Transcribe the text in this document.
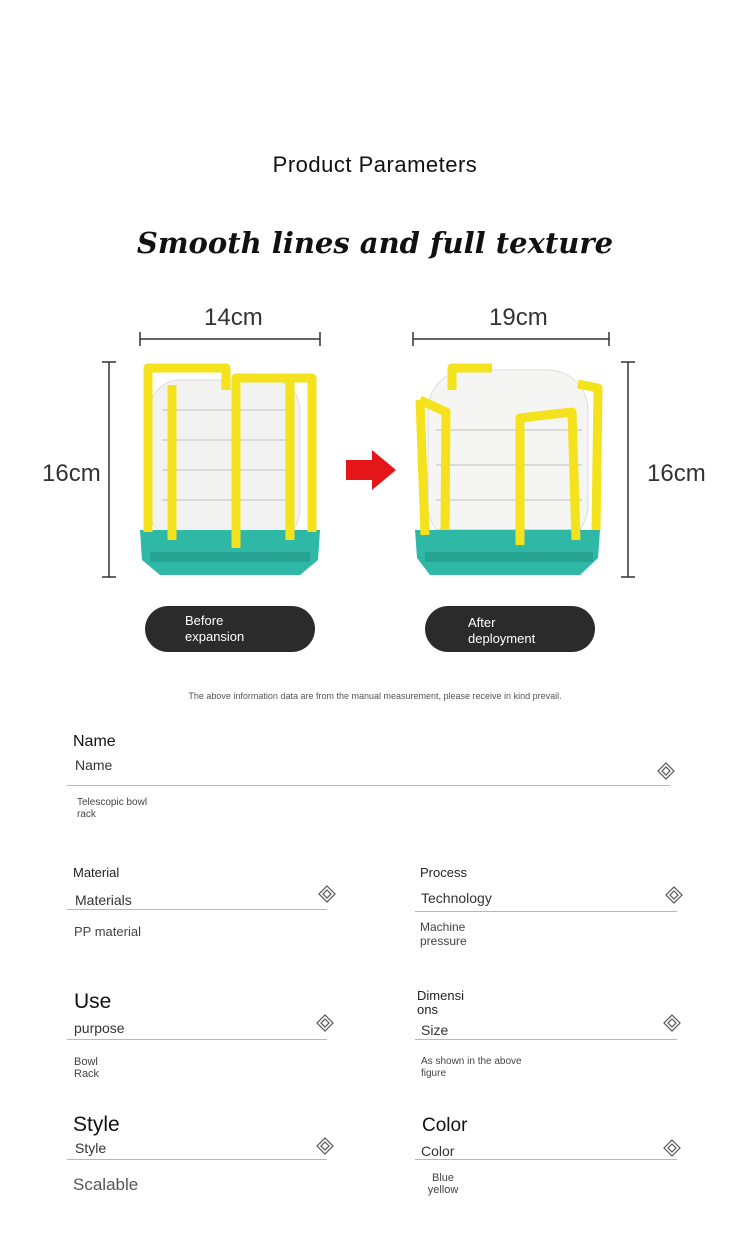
Product Parameters
Smooth lines and full texture
14cm	19cm
16cm	16cm
Before
expansion
After
deployment
The above information data are from the manual measurement, please receive in kind prevail.
Name
Name
Telescopic bowl
rack
Material
Materials
PP material
Process
Technology
Machine
pressure
Use
purpose
Bowl
Rack
Dimensi
ons
Size
As shown in the above
figure
Style
Style
Scalable
Color
Color
Blue
yellow
